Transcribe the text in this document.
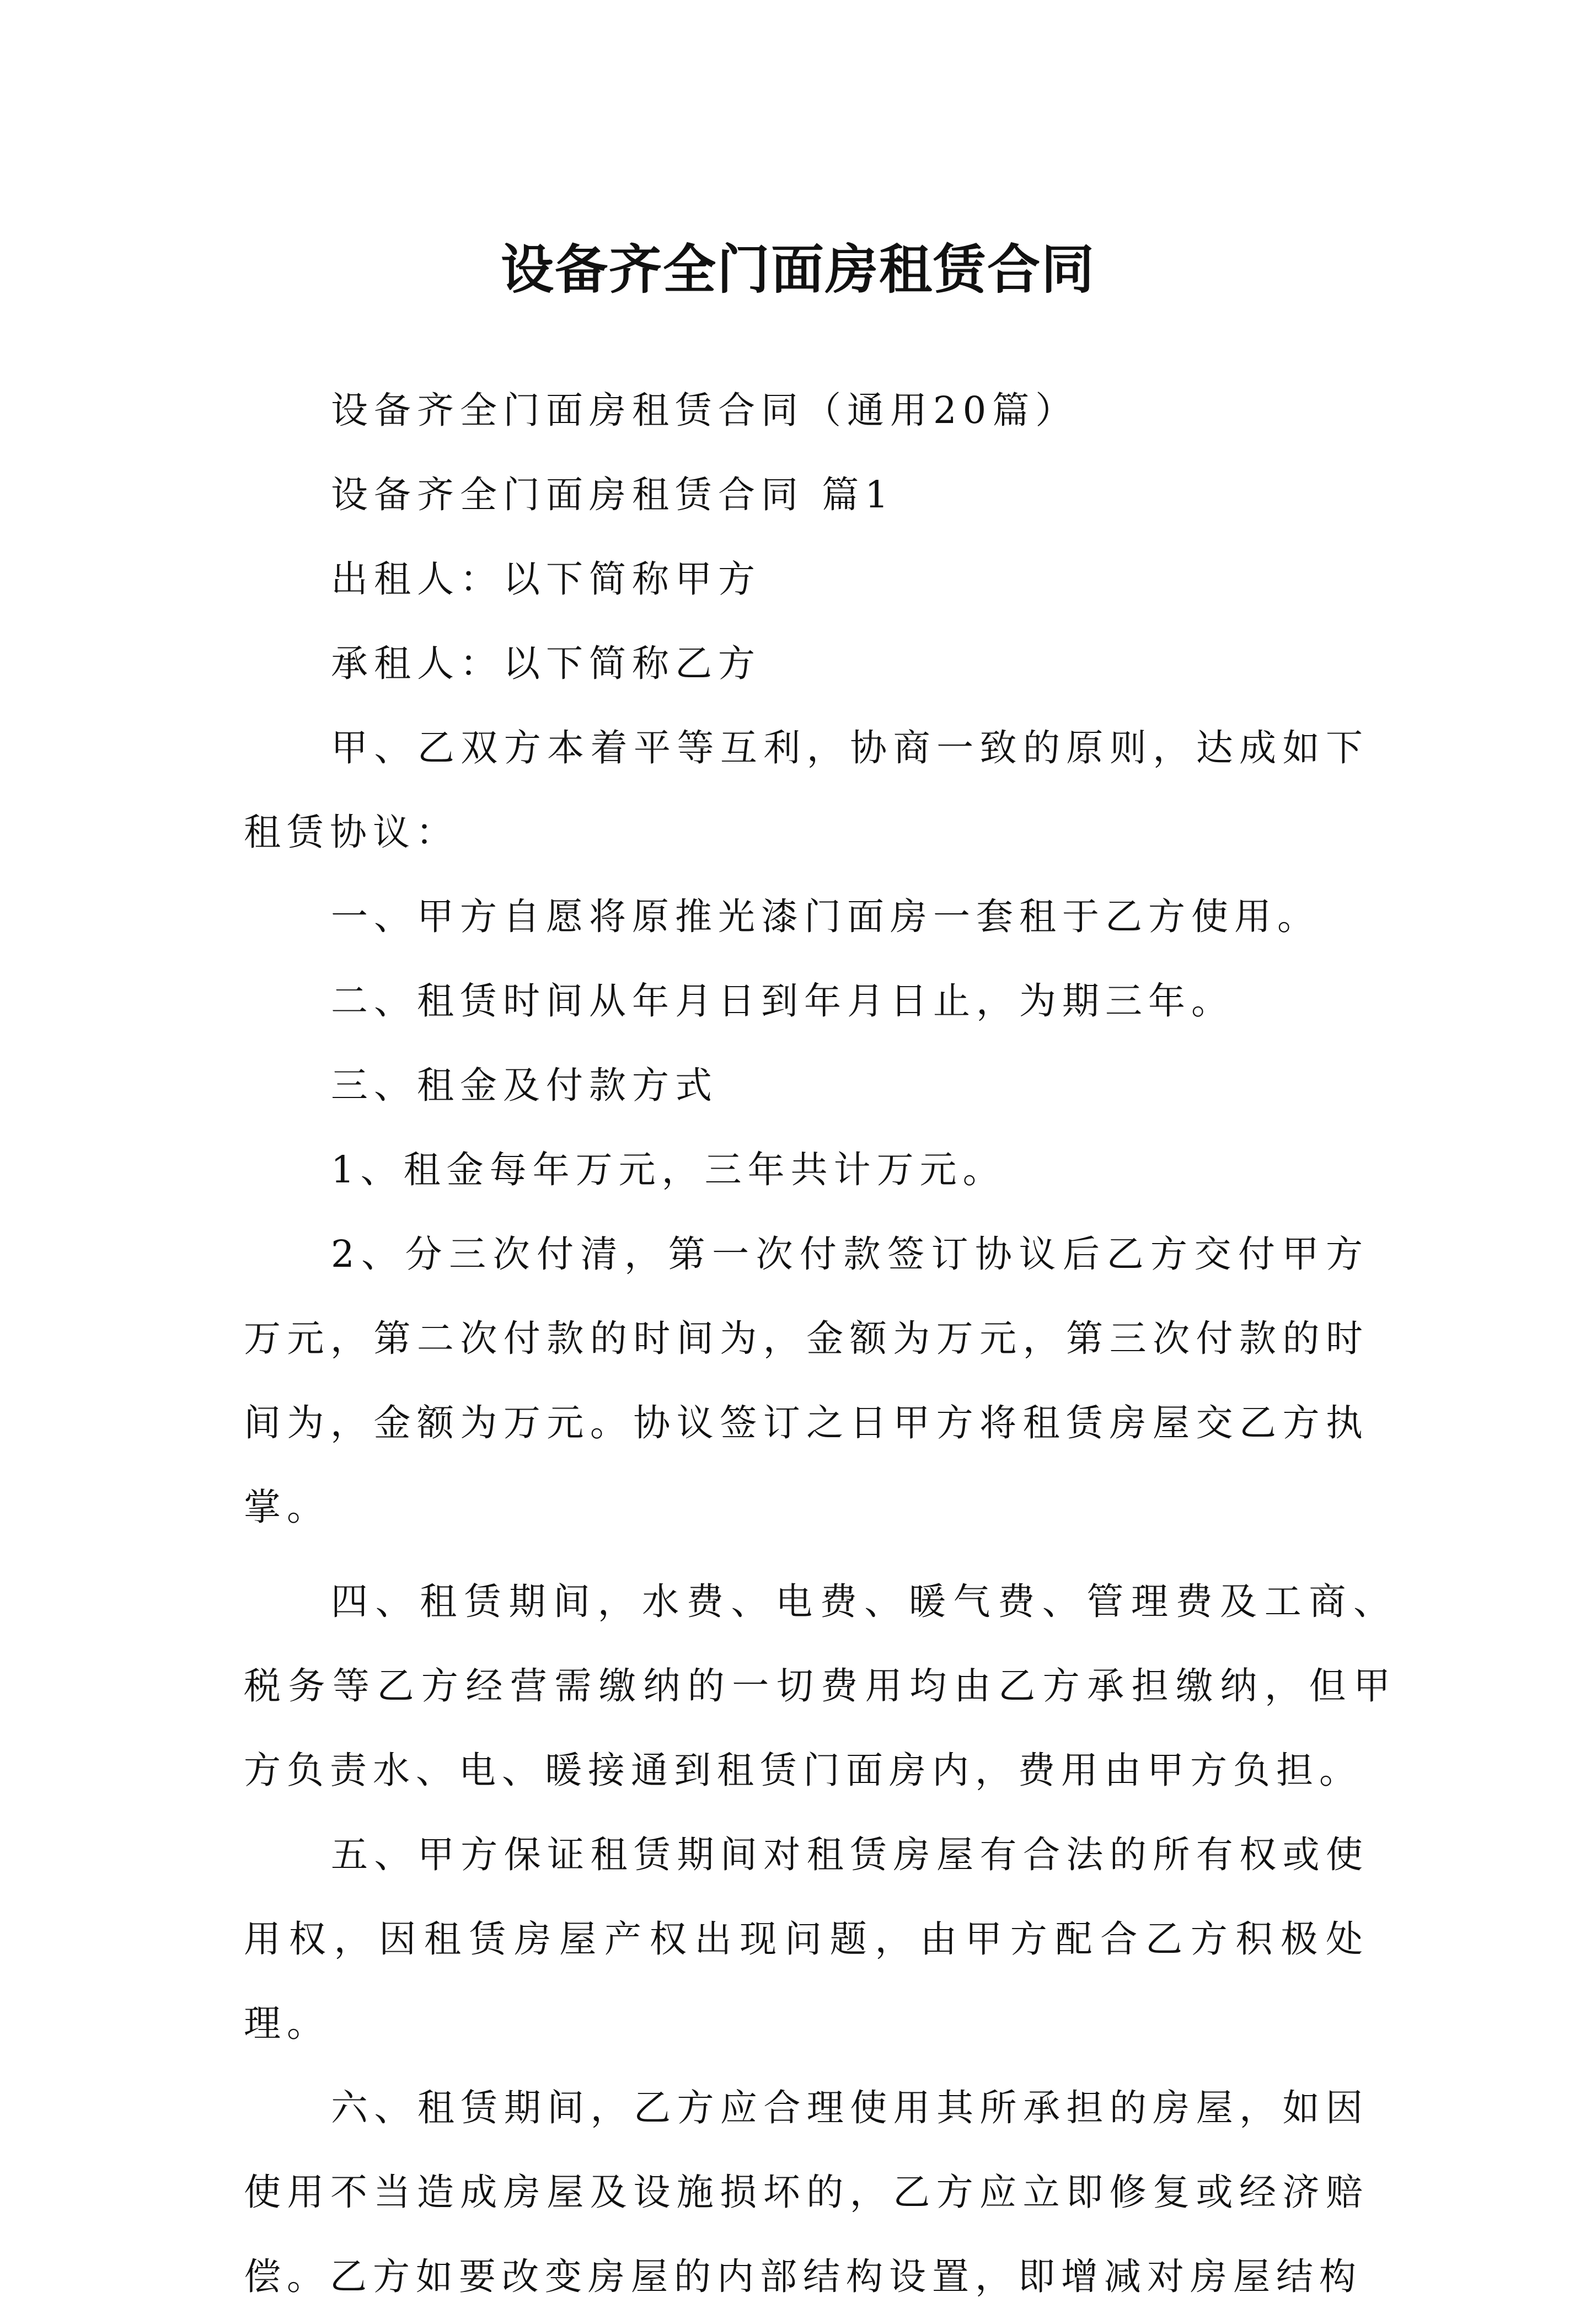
设备齐全门面房租赁合同

设备齐全门面房租赁合同（通用20篇）

设备齐全门面房租赁合同 篇1

出租人：以下简称甲方

承租人：以下简称乙方

甲、乙双方本着平等互利，协商一致的原则，达成如下租赁协议：

一、甲方自愿将原推光漆门面房一套租于乙方使用。

二、租赁时间从年月日到年月日止，为期三年。

三、租金及付款方式

1、租金每年万元，三年共计万元。

2、分三次付清，第一次付款签订协议后乙方交付甲方万元，第二次付款的时间为，金额为万元，第三次付款的时间为，金额为万元。协议签订之日甲方将租赁房屋交乙方执掌。

四、租赁期间，水费、电费、暖气费、管理费及工商、税务等乙方经营需缴纳的一切费用均由乙方承担缴纳，但甲方负责水、电、暖接通到租赁门面房内，费用由甲方负担。

五、甲方保证租赁期间对租赁房屋有合法的所有权或使用权，因租赁房屋产权出现问题，由甲方配合乙方积极处理。

六、租赁期间，乙方应合理使用其所承担的房屋，如因使用不当造成房屋及设施损坏的，乙方应立即修复或经济赔偿。乙方如要改变房屋的内部结构设置，即增减对房屋结构
